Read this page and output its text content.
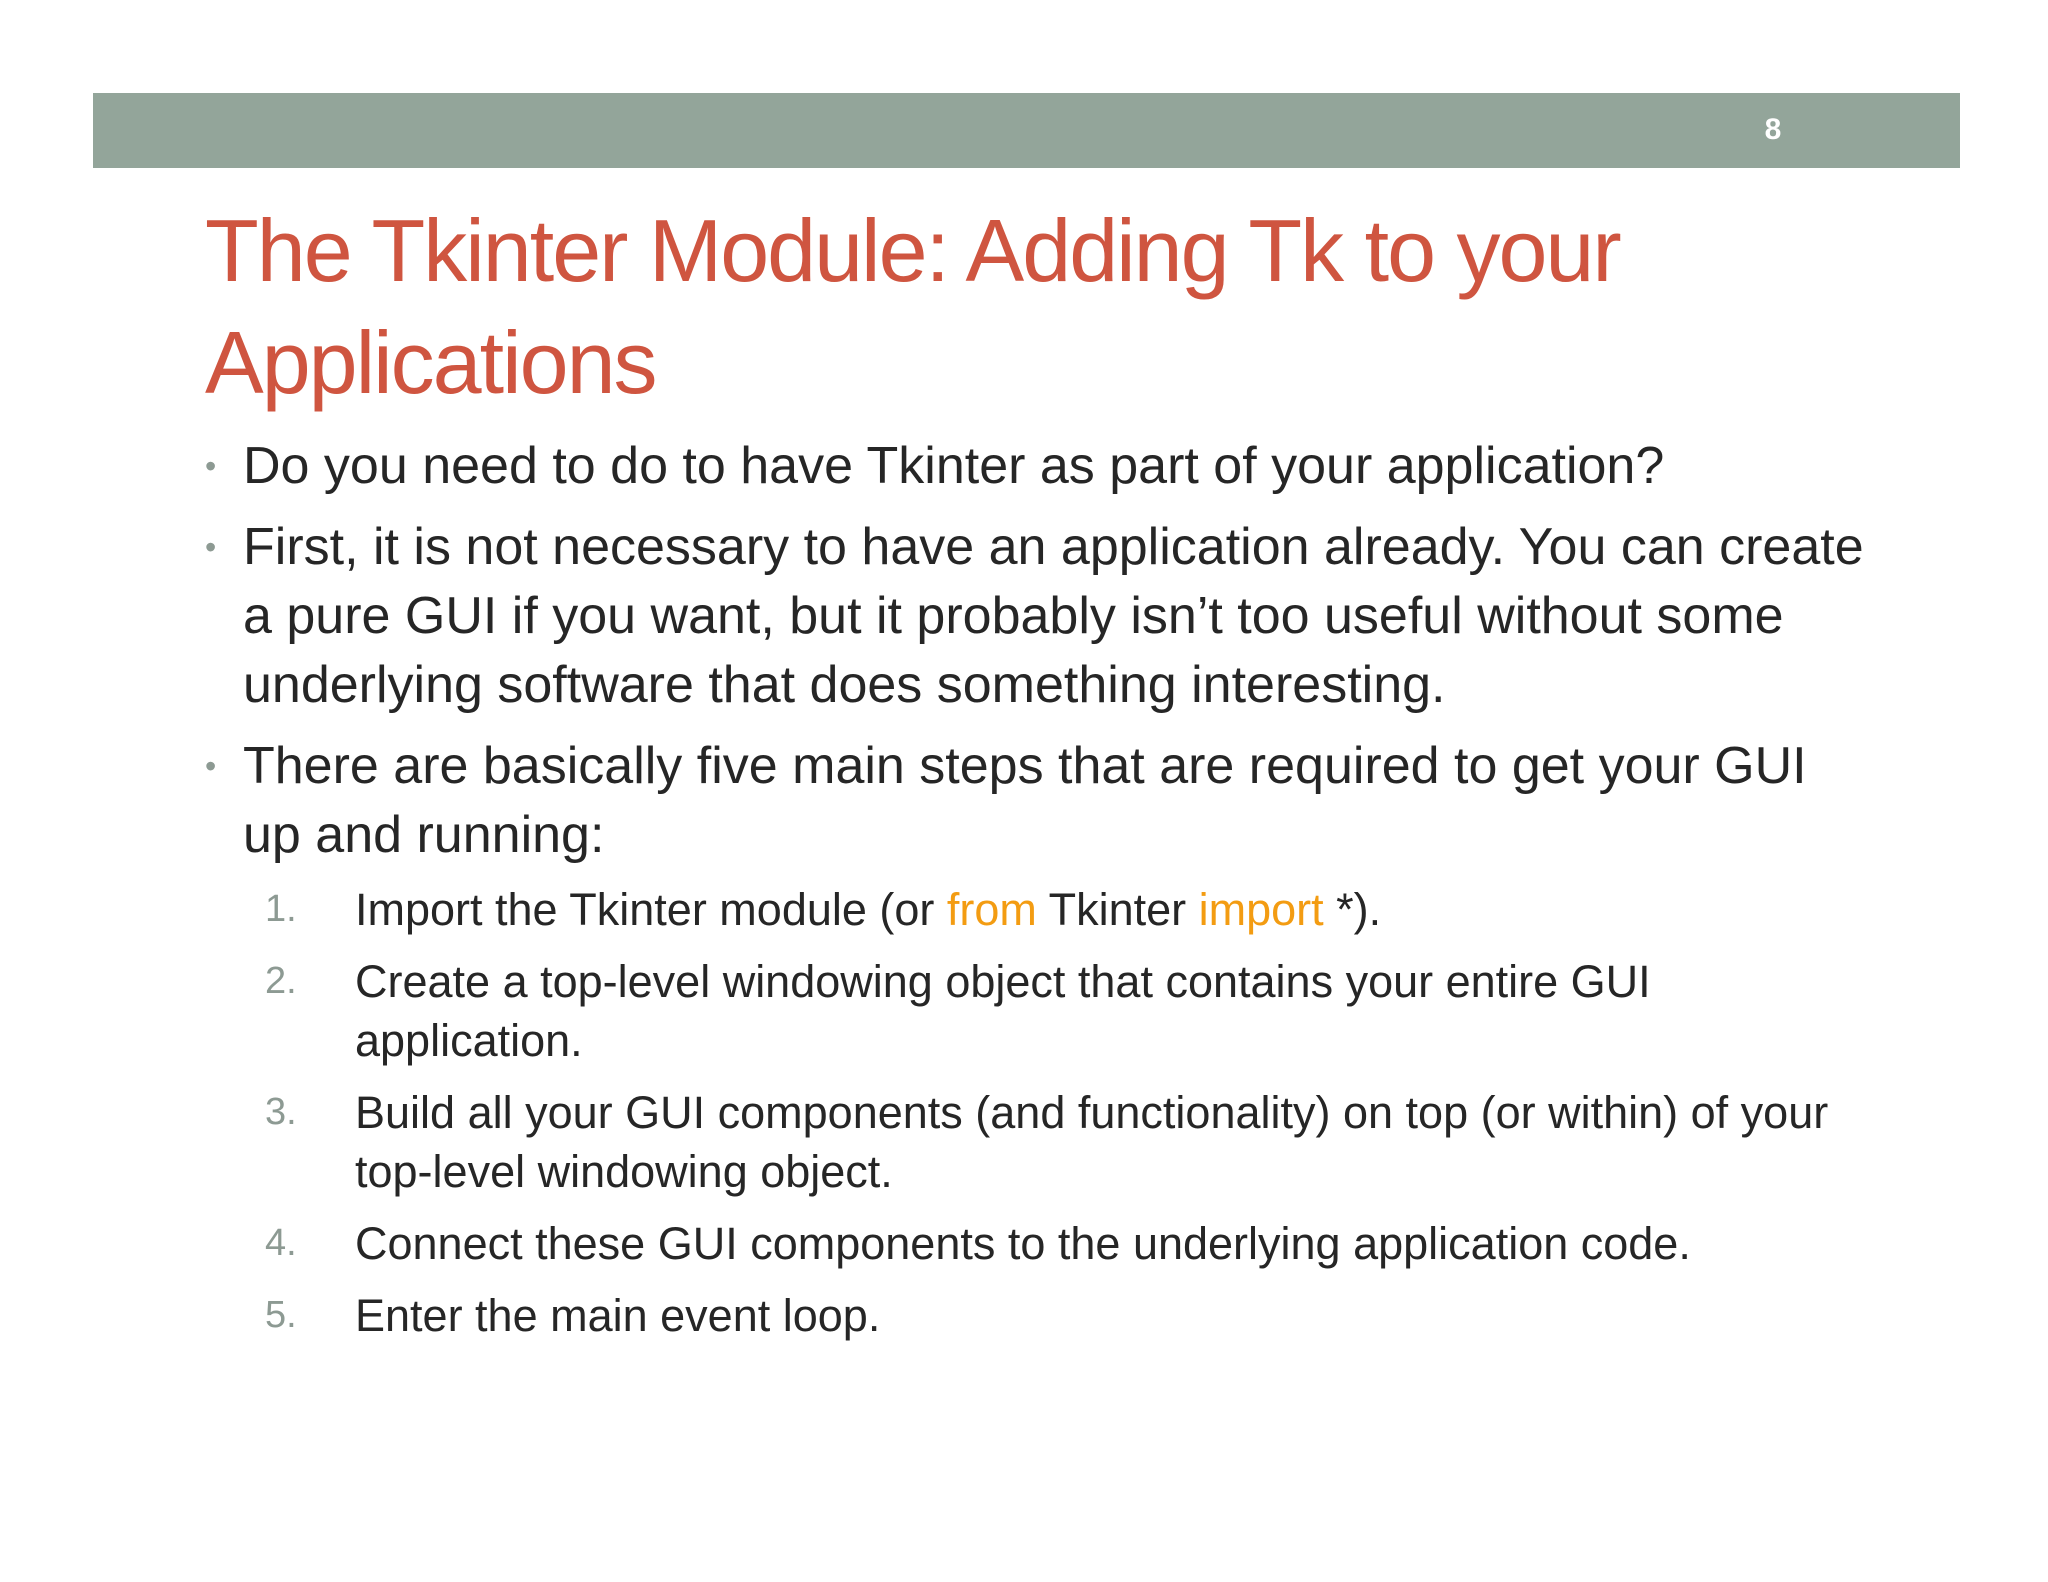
8
The Tkinter Module: Adding Tk to your Applications
• Do you need to do to have Tkinter as part of your application?
• First, it is not necessary to have an application already. You can create a pure GUI if you want, but it probably isn’t too useful without some underlying software that does something interesting.
• There are basically five main steps that are required to get your GUI up and running:
1. Import the Tkinter module (or from Tkinter import *).
2. Create a top-level windowing object that contains your entire GUI application.
3. Build all your GUI components (and functionality) on top (or within) of your top-level windowing object.
4. Connect these GUI components to the underlying application code.
5. Enter the main event loop.
